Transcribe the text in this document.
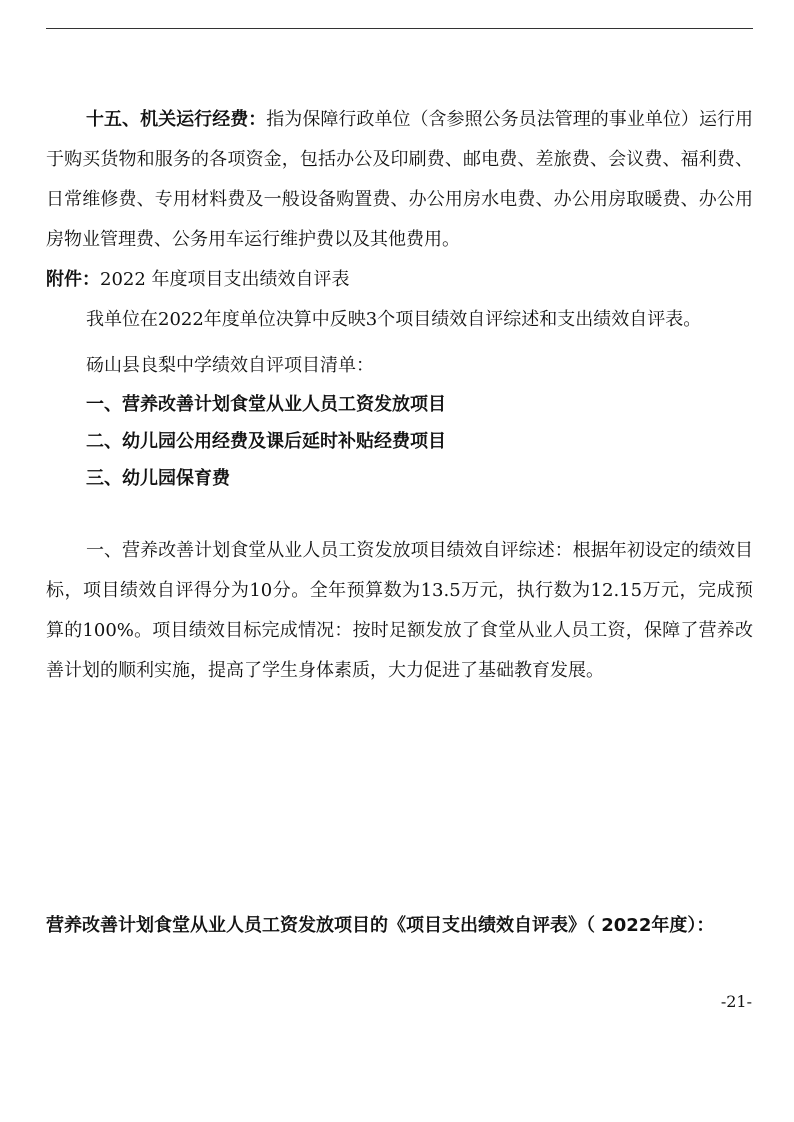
十五、机关运行经费：指为保障行政单位（含参照公务员法管理的事业单位）运行用于购买货物和服务的各项资金，包括办公及印刷费、邮电费、差旅费、会议费、福利费、日常维修费、专用材料费及一般设备购置费、办公用房水电费、办公用房取暖费、办公用房物业管理费、公务用车运行维护费以及其他费用。

附件：2022 年度项目支出绩效自评表

我单位在2022年度单位决算中反映3个项目绩效自评综述和支出绩效自评表。

砀山县良梨中学绩效自评项目清单：

一、营养改善计划食堂从业人员工资发放项目
二、幼儿园公用经费及课后延时补贴经费项目
三、幼儿园保育费

一、营养改善计划食堂从业人员工资发放项目绩效自评综述：根据年初设定的绩效目标，项目绩效自评得分为10分。全年预算数为13.5万元，执行数为12.15万元，完成预算的100%。项目绩效目标完成情况：按时足额发放了食堂从业人员工资，保障了营养改善计划的顺利实施，提高了学生身体素质，大力促进了基础教育发展。

营养改善计划食堂从业人员工资发放项目的《项目支出绩效自评表》（ 2022年度）：
-21-
